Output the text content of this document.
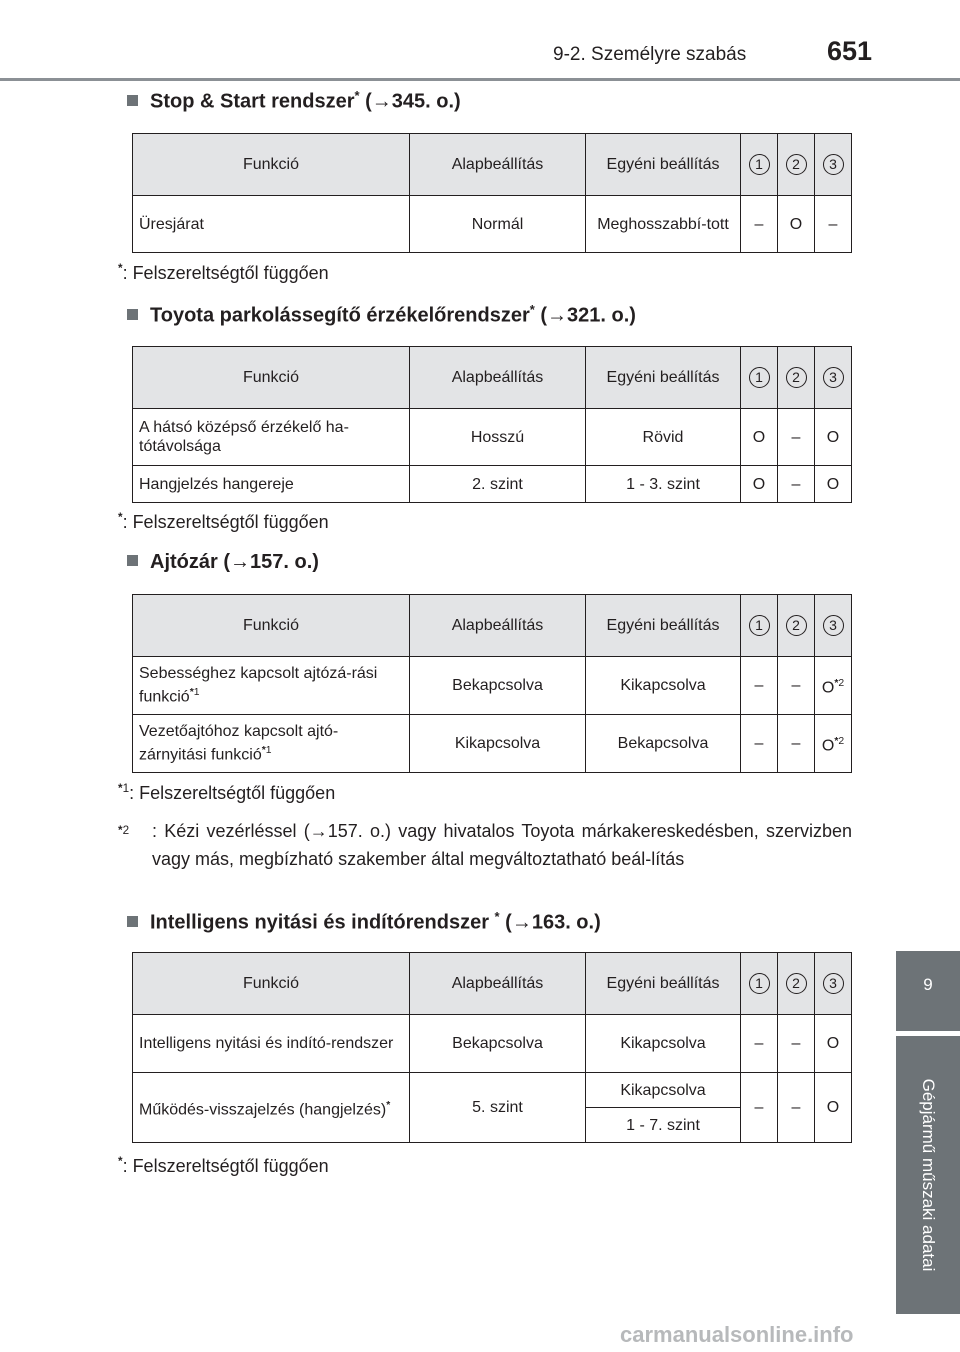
9-2. Személyre szabás	651
9
Gépjármű műszaki adatai
Stop & Start rendszer* (→345. o.)
Funkció	Alapbeállítás	Egyéni beállítás	1	2	3
Üresjárat	Normál	Meghosszabbí-tott	–	O	–
*: Felszereltségtől függően
Toyota parkolássegítő érzékelőrendszer* (→321. o.)
Funkció	Alapbeállítás	Egyéni beállítás	1	2	3
A hátsó középső érzékelő ha-tótávolsága	Hosszú	Rövid	O	–	O
Hangjelzés hangereje	2. szint	1 - 3. szint	O	–	O
*: Felszereltségtől függően
Ajtózár (→157. o.)
Funkció	Alapbeállítás	Egyéni beállítás	1	2	3
Sebességhez kapcsolt ajtózá-rási funkció$^{*1}$	Bekapcsolva	Kikapcsolva	–	–	$O^{*2}$
Vezetőajtóhoz kapcsolt ajtó-zárnyitási funkció$^{*1}$	Kikapcsolva	Bekapcsolva	–	–	$O^{*2}$
$^{*1}$: Felszereltségtől függően
$^{*2}$ : Kézi vezérléssel (→157. o.) vagy hivatalos Toyota márkakereskedésben, szervizben vagy más, megbízható szakember által megváltoztatható beál-lítás
Intelligens nyitási és indítórendszer * (→163. o.)
Funkció	Alapbeállítás	Egyéni beállítás	1	2	3
Intelligens nyitási és indító-rendszer	Bekapcsolva	Kikapcsolva	–	–	O
Működés-visszajelzés (hangjelzés)*	5. szint	Kikapcsolva	–	–	O
		1 - 7. szint			
*: Felszereltségtől függően
carmanualsonline.info
